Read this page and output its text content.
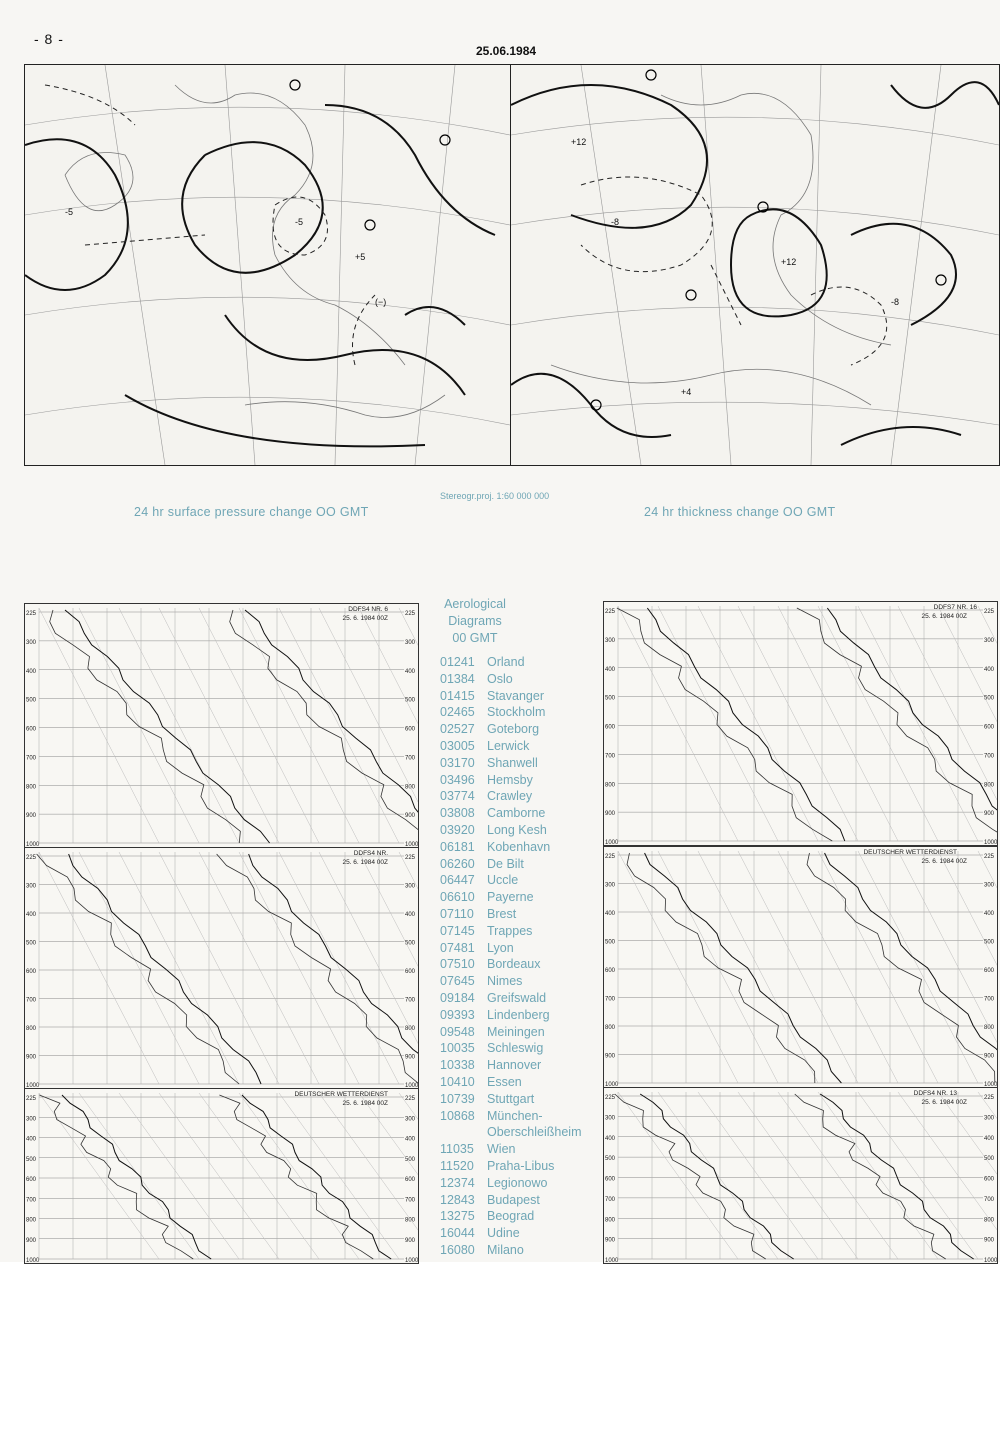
- 8 -
25.06.1984
-5
+5
-5
(−)
+12
+12
-8
-8
+4
24 hr surface pressure change OO GMT
Stereogr.proj. 1:60 000 000
24 hr thickness change OO GMT
225	225
300	300
400	400
500	500
600	600
700	700
800	800
900	900
1000	1000
DDFS4 NR. 6
25. 6. 1984 00Z
225	225
300	300
400	400
500	500
600	600
700	700
800	800
900	900
1000	1000
DDFS7 NR. 16
25. 6. 1984 00Z
225	225
300	300
400	400
500	500
600	600
700	700
800	800
900	900
1000	1000
DDFS4 NR.
25. 6. 1984 00Z
225	225
300	300
400	400
500	500
600	600
700	700
800	800
900	900
1000	1000
DEUTSCHER WETTERDIENST
25. 6. 1984 00Z
225	225
300	300
400	400
500	500
600	600
700	700
800	800
900	900
1000	1000
DEUTSCHER WETTERDIENST
25. 6. 1984 00Z
225	225
300	300
400	400
500	500
600	600
700	700
800	800
900	900
1000	1000
DDFS4 NR. 13
25. 6. 1984 00Z
Aerological
Diagrams
00 GMT
01241 Orland
01384 Oslo
01415 Stavanger
02465 Stockholm
02527 Goteborg
03005 Lerwick
03170 Shanwell
03496 Hemsby
03774 Crawley
03808 Camborne
03920 Long Kesh
06181 Kobenhavn
06260 De Bilt
06447 Uccle
06610 Payerne
07110	Brest
07145 Trappes
07481 Lyon
07510 Bordeaux
07645 Nimes
09184 Greifswald
09393 Lindenberg
09548 Meiningen
10035 Schleswig
10338 Hannover
10410 Essen
10739 Stuttgart
10868 München-Oberschleißheim
11035	Wien
11520	Praha-Libus
12374 Legionowo
12843 Budapest
13275 Beograd
16044 Udine
16080 Milano
